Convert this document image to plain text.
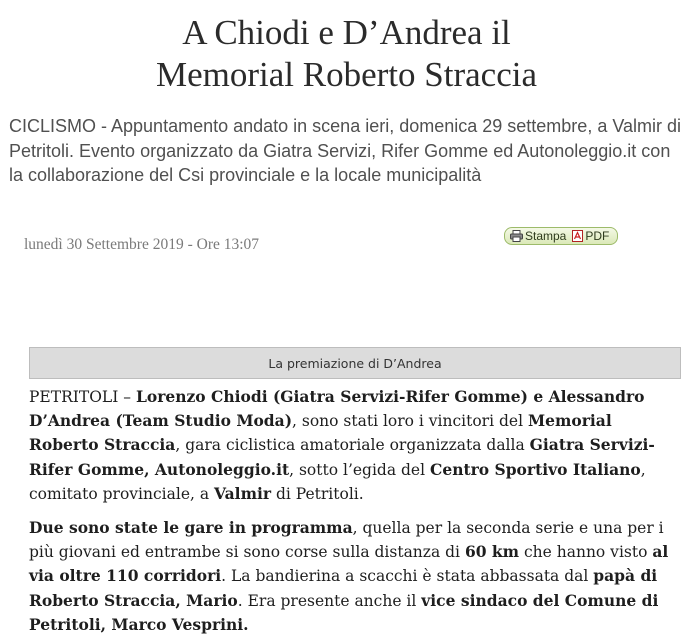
A Chiodi e D’Andrea il
Memorial Roberto Straccia
CICLISMO - Appuntamento andato in scena ieri, domenica 29 settembre, a Valmir di Petritoli. Evento organizzato da Giatra Servizi, Rifer Gomme ed Autonoleggio.it con la collaborazione del Csi provinciale e la locale municipalità
lunedì 30 Settembre 2019 - Ore 13:07	Stampa PDF
La premiazione di D’Andrea

PETRITOLI – Lorenzo Chiodi (Giatra Servizi-Rifer Gomme) e Alessandro D’Andrea (Team Studio Moda), sono stati loro i vincitori del Memorial Roberto Straccia, gara ciclistica amatoriale organizzata dalla Giatra Servizi-Rifer Gomme, Autonoleggio.it, sotto l’egida del Centro Sportivo Italiano, comitato provinciale, a Valmir di Petritoli.

Due sono state le gare in programma, quella per la seconda serie e una per i più giovani ed entrambe si sono corse sulla distanza di 60 km che hanno visto al via oltre 110 corridori. La bandierina a scacchi è stata abbassata dal papà di Roberto Straccia, Mario. Era presente anche il vice sindaco del Comune di Petritoli, Marco Vesprini.
